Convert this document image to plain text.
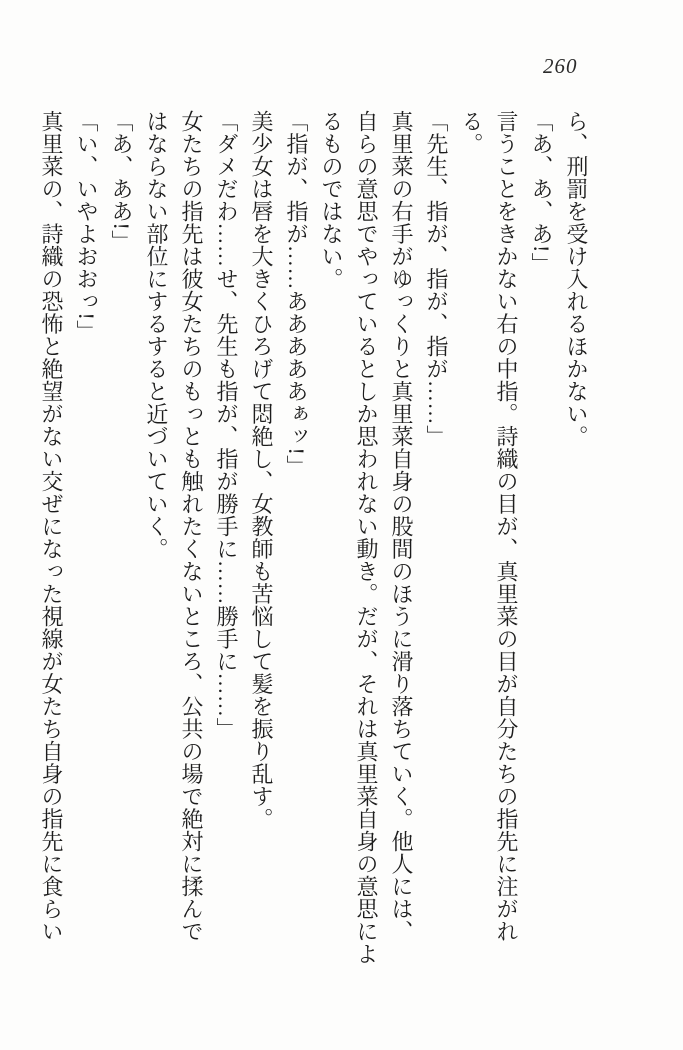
260
ら、刑罰を受け入れるほかない。
「あ、あ、あ!」
言うことをきかない右の中指。詩織の目が、真里菜の目が自分たちの指先に注がれ
る。
「先生、指が、指が、指が……」
真里菜の右手がゆっくりと真里菜自身の股間のほうに滑り落ちていく。他人には、
自らの意思でやっているとしか思われない動き。だが、それは真里菜自身の意思によ
るものではない。
「指が、指が……あああああぁッ!」
美少女は唇を大きくひろげて悶絶し、女教師も苦悩して髪を振り乱す。
「ダメだわ……せ、先生も指が、指が勝手に……勝手に……」
女たちの指先は彼女たちのもっとも触れたくないところ、公共の場で絶対に揉んで
はならない部位にするすると近づいていく。
「あ、ああ!」
「い、いやよおおっ!」
真里菜の、詩織の恐怖と絶望がない交ぜになった視線が女たち自身の指先に食らい
